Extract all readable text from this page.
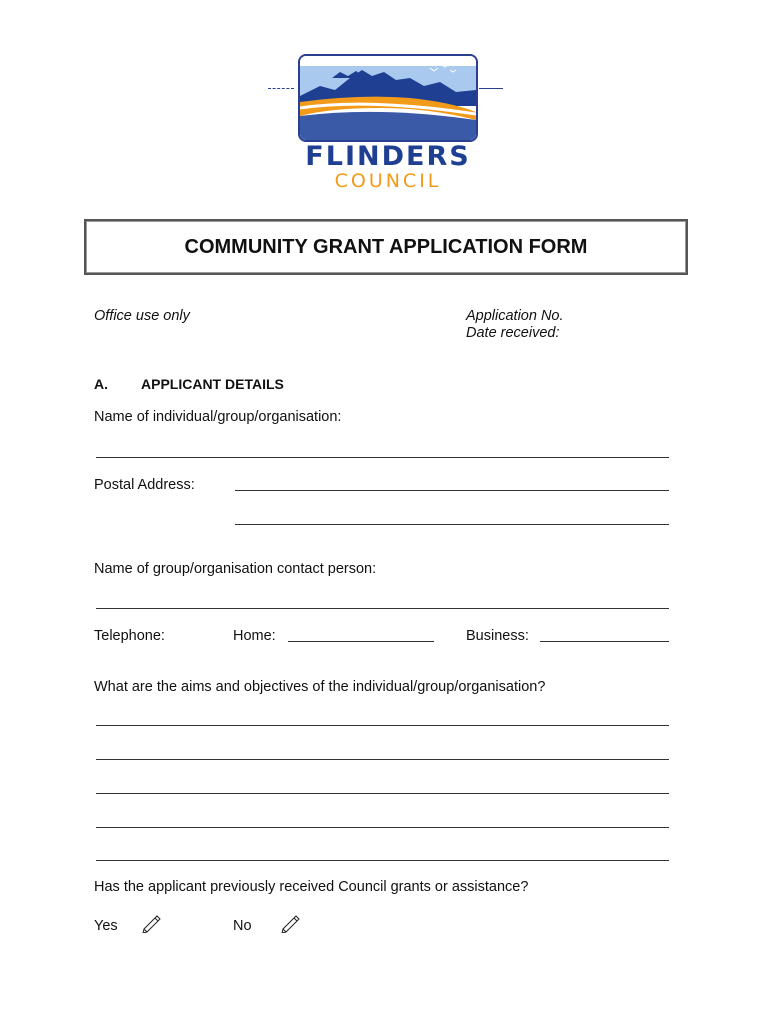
FLINDERS
COUNCIL
COMMUNITY GRANT APPLICATION FORM
Office use only	Application No.
Date received:
A. APPLICANT DETAILS
Name of individual/group/organisation:
Postal Address:
Name of group/organisation contact person:
Telephone:	Home:	Business:
What are the aims and objectives of the individual/group/organisation?
Has the applicant previously received Council grants or assistance?
Yes	No
